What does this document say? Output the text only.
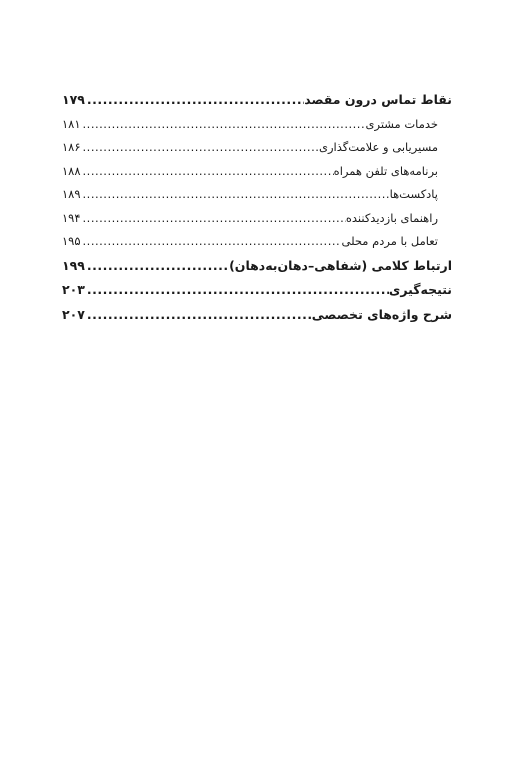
نقاط تماس درون مقصد
.....
۱۷۹
خدمات مشتری
.....
۱۸۱
مسیریابی و علامت‌گذاری
.....
۱۸۶
برنامه‌های تلفن همراه
.....
۱۸۸
پادکست‌ها
.....
۱۸۹
راهنمای بازدیدکننده
.....
۱۹۴
تعامل با مردم محلی
.....
۱۹۵
ارتباط کلامی (شفاهی–دهان‌به‌دهان)
.....
۱۹۹
نتیجه‌گیری
.....
۲۰۳
شرح واژه‌های تخصصی
.....
۲۰۷
